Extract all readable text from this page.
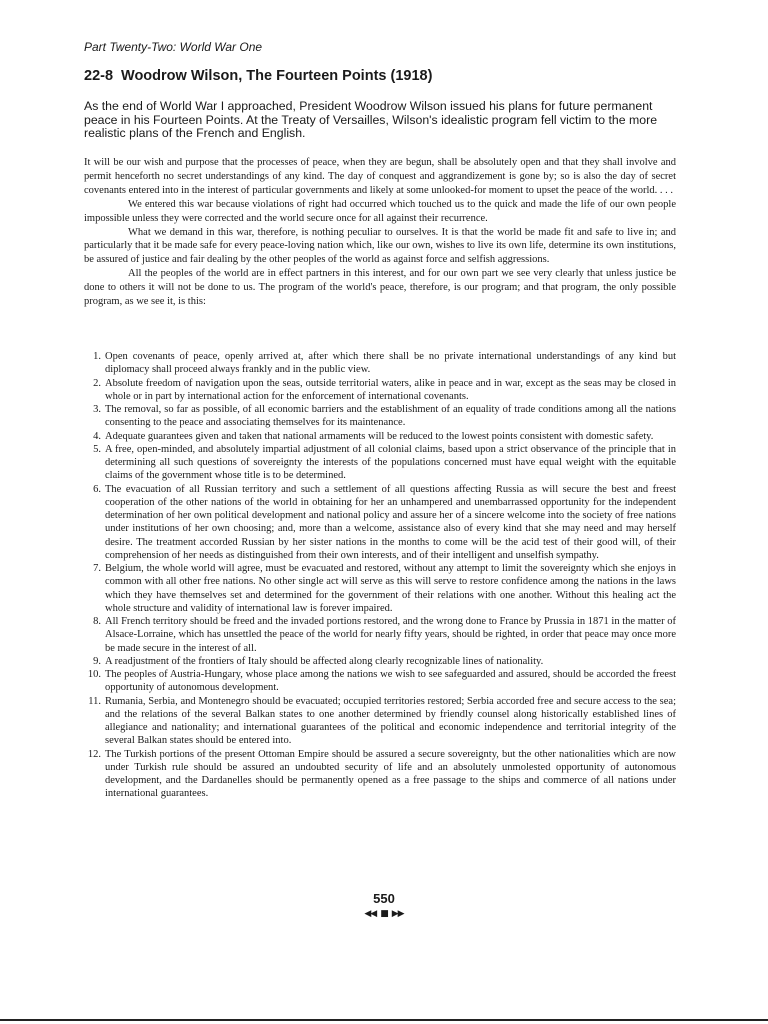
Part Twenty-Two: World War One
22-8 Woodrow Wilson, The Fourteen Points (1918)

As the end of World War I approached, President Woodrow Wilson issued his plans for future permanent peace in his Fourteen Points. At the Treaty of Versailles, Wilson's idealistic program fell victim to the more realistic plans of the French and English.

It will be our wish and purpose that the processes of peace, when they are begun, shall be absolutely open and that they shall involve and permit henceforth no secret understandings of any kind. The day of conquest and aggrandizement is gone by; so is also the day of secret covenants entered into in the interest of particular governments and likely at some unlooked-for moment to upset the peace of the world. . . .

We entered this war because violations of right had occurred which touched us to the quick and made the life of our own people impossible unless they were corrected and the world secure once for all against their recurrence.

What we demand in this war, therefore, is nothing peculiar to ourselves. It is that the world be made fit and safe to live in; and particularly that it be made safe for every peace-loving nation which, like our own, wishes to live its own life, determine its own institutions, be assured of justice and fair dealing by the other peoples of the world as against force and selfish aggressions.

All the peoples of the world are in effect partners in this interest, and for our own part we see very clearly that unless justice be done to others it will not be done to us. The program of the world's peace, therefore, is our program; and that program, the only possible program, as we see it, is this:

1. Open covenants of peace, openly arrived at, after which there shall be no private international understandings of any kind but diplomacy shall proceed always frankly and in the public view.
2. Absolute freedom of navigation upon the seas, outside territorial waters, alike in peace and in war, except as the seas may be closed in whole or in part by international action for the enforcement of international covenants.
3. The removal, so far as possible, of all economic barriers and the establishment of an equality of trade conditions among all the nations consenting to the peace and associating themselves for its maintenance.
4. Adequate guarantees given and taken that national armaments will be reduced to the lowest points consistent with domestic safety.
5. A free, open-minded, and absolutely impartial adjustment of all colonial claims, based upon a strict observance of the principle that in determining all such questions of sovereignty the interests of the populations concerned must have equal weight with the equitable claims of the government whose title is to be determined.
6. The evacuation of all Russian territory and such a settlement of all questions affecting Russia as will secure the best and freest cooperation of the other nations of the world in obtaining for her an unhampered and unembarrassed opportunity for the independent determination of her own political development and national policy and assure her of a sincere welcome into the society of free nations under institutions of her own choosing; and, more than a welcome, assistance also of every kind that she may need and may herself desire. The treatment accorded Russian by her sister nations in the months to come will be the acid test of their good will, of their comprehension of her needs as distinguished from their own interests, and of their intelligent and unselfish sympathy.
7. Belgium, the whole world will agree, must be evacuated and restored, without any attempt to limit the sovereignty which she enjoys in common with all other free nations. No other single act will serve as this will serve to restore confidence among the nations in the laws which they have themselves set and determined for the government of their relations with one another. Without this healing act the whole structure and validity of international law is forever impaired.
8. All French territory should be freed and the invaded portions restored, and the wrong done to France by Prussia in 1871 in the matter of Alsace-Lorraine, which has unsettled the peace of the world for nearly fifty years, should be righted, in order that peace may once more be made secure in the interest of all.
9. A readjustment of the frontiers of Italy should be affected along clearly recognizable lines of nationality.
10. The peoples of Austria-Hungary, whose place among the nations we wish to see safeguarded and assured, should be accorded the freest opportunity of autonomous development.
11. Rumania, Serbia, and Montenegro should be evacuated; occupied territories restored; Serbia accorded free and secure access to the sea; and the relations of the several Balkan states to one another determined by friendly counsel along historically established lines of allegiance and nationality; and international guarantees of the political and economic independence and territorial integrity of the several Balkan states should be entered into.
12. The Turkish portions of the present Ottoman Empire should be assured a secure sovereignty, but the other nationalities which are now under Turkish rule should be assured an undoubted security of life and an absolutely unmolested opportunity of autonomous development, and the Dardanelles should be permanently opened as a free passage to the ships and commerce of all nations under international guarantees.
550
◀◀ ■ ▶▶
